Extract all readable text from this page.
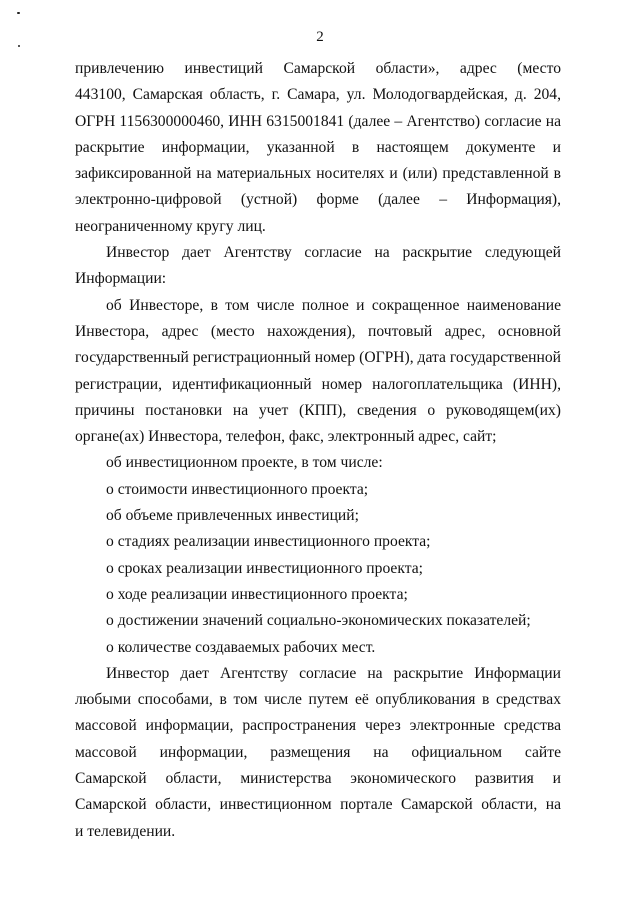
2
привлечению инвестиций Самарской области», адрес (место
443100, Самарская область, г. Самара, ул. Молодогвардейская, д. 204,
ОГРН 1156300000460, ИНН 6315001841 (далее – Агентство) согласие на
раскрытие информации, указанной в настоящем документе и
зафиксированной на материальных носителях и (или) представленной в
электронно-цифровой (устной) форме (далее – Информация),
неограниченному кругу лиц.
Инвестор дает Агентству согласие на раскрытие следующей
Информации:
об Инвесторе, в том числе полное и сокращенное наименование
Инвестора, адрес (место нахождения), почтовый адрес, основной
государственный регистрационный номер (ОГРН), дата государственной
регистрации, идентификационный номер налогоплательщика (ИНН),
причины постановки на учет (КПП), сведения о руководящем(их)
органе(ах) Инвестора, телефон, факс, электронный адрес, сайт;
об инвестиционном проекте, в том числе:
о стоимости инвестиционного проекта;
об объеме привлеченных инвестиций;
о стадиях реализации инвестиционного проекта;
о сроках реализации инвестиционного проекта;
о ходе реализации инвестиционного проекта;
о достижении значений социально-экономических показателей;
о количестве создаваемых рабочих мест.
Инвестор дает Агентству согласие на раскрытие Информации
любыми способами, в том числе путем её опубликования в средствах
массовой информации, распространения через электронные средства
массовой информации, размещения на официальном сайте
Самарской области, министерства экономического развития и
Самарской области, инвестиционном портале Самарской области, на
и телевидении.
